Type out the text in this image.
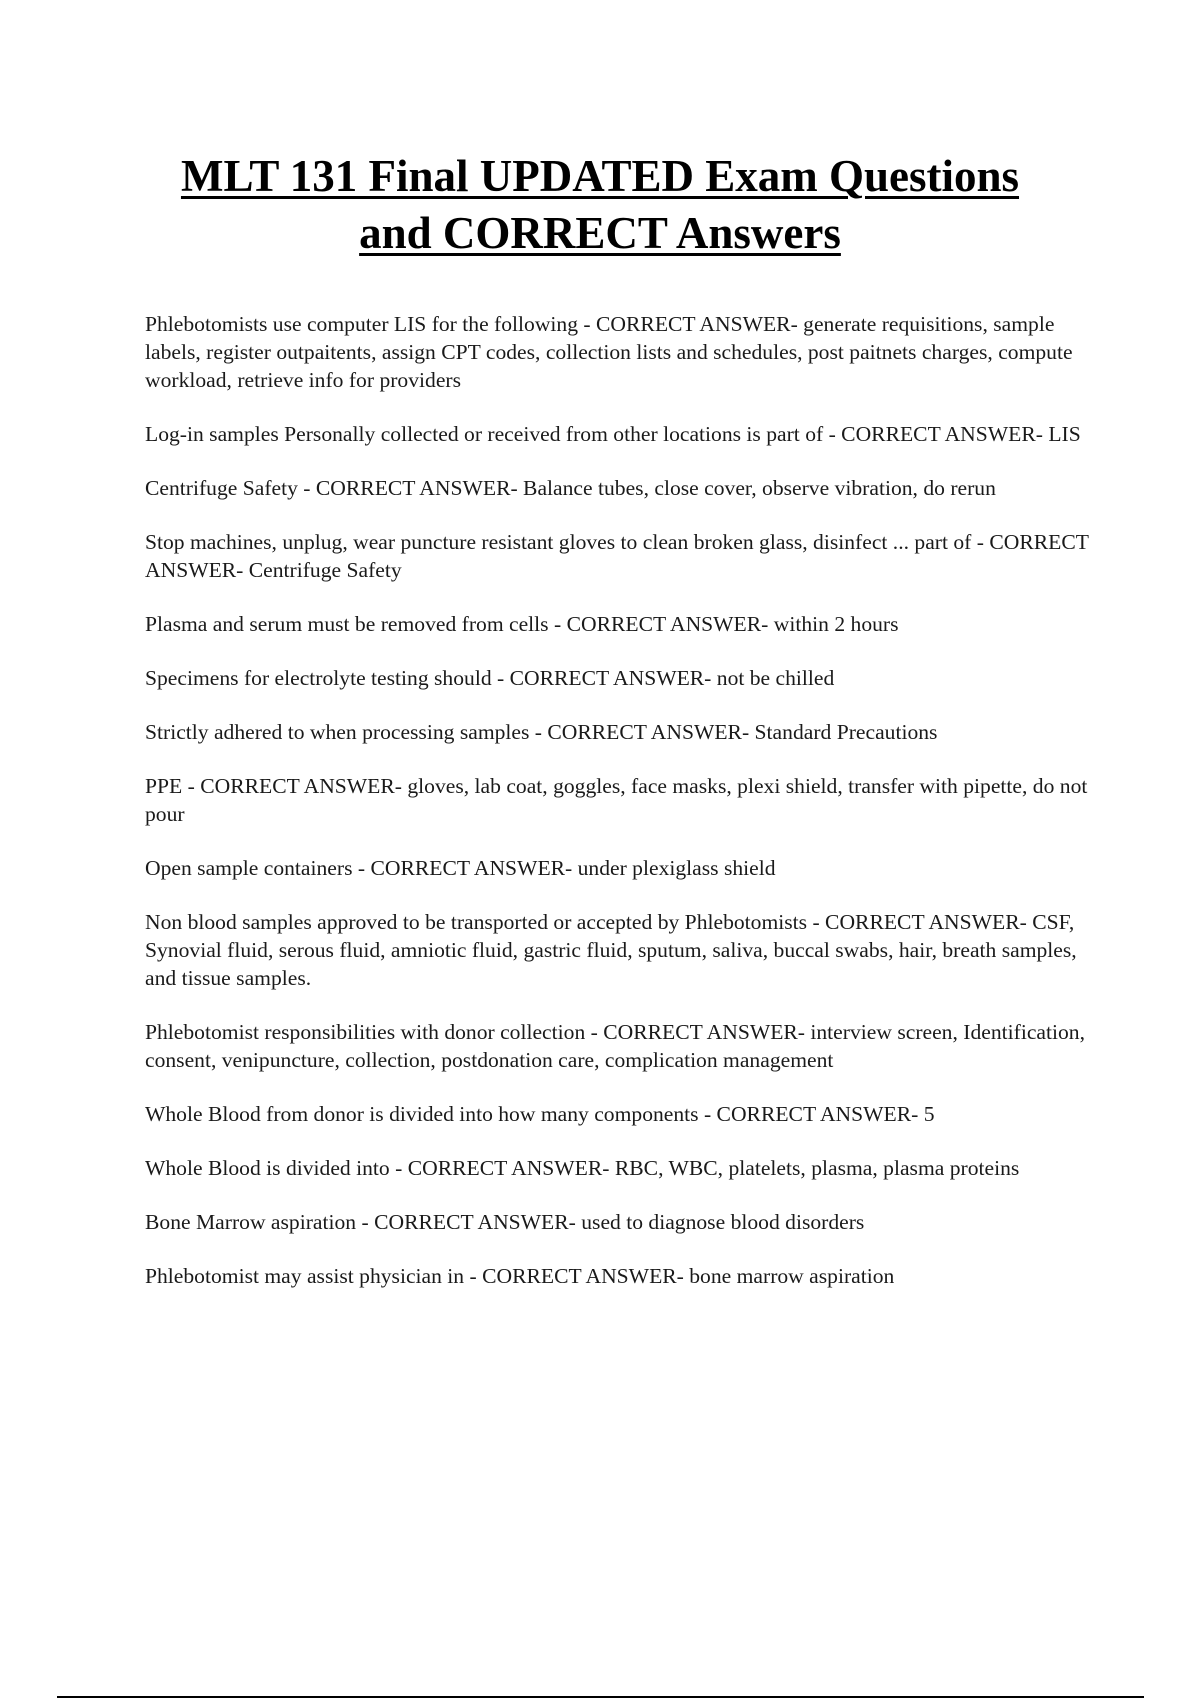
MLT 131 Final UPDATED Exam Questions
and CORRECT Answers
Phlebotomists use computer LIS for the following - CORRECT ANSWER- generate requisitions, sample labels, register outpaitents, assign CPT codes, collection lists and schedules, post paitnets charges, compute workload, retrieve info for providers
Log-in samples Personally collected or received from other locations is part of - CORRECT ANSWER- LIS
Centrifuge Safety - CORRECT ANSWER- Balance tubes, close cover, observe vibration, do rerun
Stop machines, unplug, wear puncture resistant gloves to clean broken glass, disinfect ... part of - CORRECT ANSWER- Centrifuge Safety
Plasma and serum must be removed from cells - CORRECT ANSWER- within 2 hours
Specimens for electrolyte testing should - CORRECT ANSWER- not be chilled
Strictly adhered to when processing samples - CORRECT ANSWER- Standard Precautions
PPE - CORRECT ANSWER- gloves, lab coat, goggles, face masks, plexi shield, transfer with pipette, do not pour
Open sample containers - CORRECT ANSWER- under plexiglass shield
Non blood samples approved to be transported or accepted by Phlebotomists - CORRECT ANSWER- CSF, Synovial fluid, serous fluid, amniotic fluid, gastric fluid, sputum, saliva, buccal swabs, hair, breath samples, and tissue samples.
Phlebotomist responsibilities with donor collection - CORRECT ANSWER- interview screen, Identification, consent, venipuncture, collection, postdonation care, complication management
Whole Blood from donor is divided into how many components - CORRECT ANSWER- 5
Whole Blood is divided into - CORRECT ANSWER- RBC, WBC, platelets, plasma, plasma proteins
Bone Marrow aspiration - CORRECT ANSWER- used to diagnose blood disorders
Phlebotomist may assist physician in - CORRECT ANSWER- bone marrow aspiration
